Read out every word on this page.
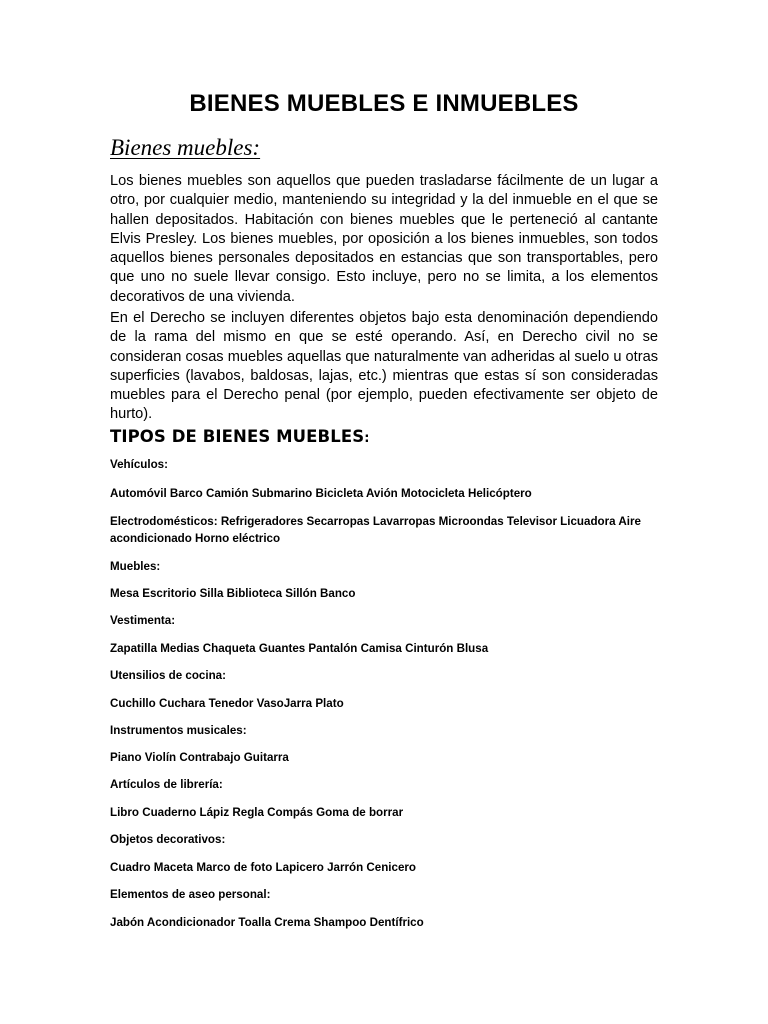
BIENES MUEBLES E INMUEBLES
Bienes muebles:

Los bienes muebles son aquellos que pueden trasladarse fácilmente de un lugar a otro, por cualquier medio, manteniendo su integridad y la del inmueble en el que se hallen depositados. Habitación con bienes muebles que le perteneció al cantante Elvis Presley. Los bienes muebles, por oposición a los bienes inmuebles, son todos aquellos bienes personales depositados en estancias que son transportables, pero que uno no suele llevar consigo. Esto incluye, pero no se limita, a los elementos decorativos de una vivienda.

En el Derecho se incluyen diferentes objetos bajo esta denominación dependiendo de la rama del mismo en que se esté operando. Así, en Derecho civil no se consideran cosas muebles aquellas que naturalmente van adheridas al suelo u otras superficies (lavabos, baldosas, lajas, etc.) mientras que estas sí son consideradas muebles para el Derecho penal (por ejemplo, pueden efectivamente ser objeto de hurto).

TIPOS DE BIENES MUEBLES:
Vehículos:
Automóvil Barco Camión Submarino Bicicleta Avión Motocicleta Helicóptero
Electrodomésticos: Refrigeradores Secarropas Lavarropas Microondas Televisor Licuadora Aire acondicionado Horno eléctrico
Muebles:
Mesa Escritorio Silla Biblioteca Sillón Banco
Vestimenta:
Zapatilla Medias Chaqueta Guantes Pantalón Camisa Cinturón Blusa
Utensilios de cocina:
Cuchillo Cuchara Tenedor VasoJarra Plato
Instrumentos musicales:
Piano Violín Contrabajo Guitarra
Artículos de librería:
Libro Cuaderno Lápiz Regla Compás Goma de borrar
Objetos decorativos:
Cuadro Maceta Marco de foto Lapicero Jarrón Cenicero
Elementos de aseo personal:
Jabón Acondicionador Toalla Crema Shampoo Dentífrico
